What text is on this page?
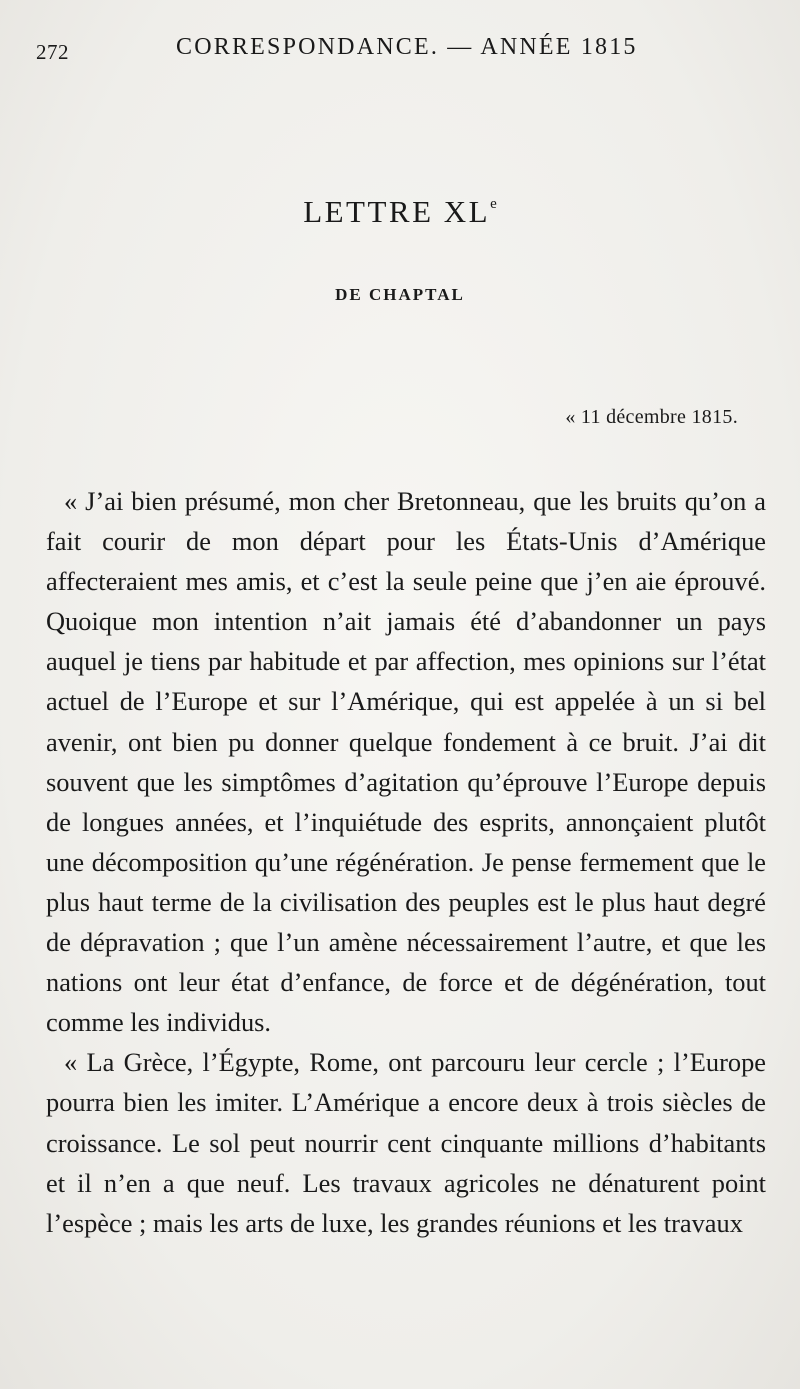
272	CORRESPONDANCE. — ANNÉE 1815
LETTRE XLe
DE CHAPTAL
« 11 décembre 1815.

« J’ai bien présumé, mon cher Bretonneau, que les bruits qu’on a fait courir de mon départ pour les États-Unis d’Amérique affecteraient mes amis, et c’est la seule peine que j’en aie éprouvé. Quoique mon intention n’ait jamais été d’abandonner un pays auquel je tiens par habitude et par affection, mes opinions sur l’état actuel de l’Europe et sur l’Amérique, qui est appelée à un si bel avenir, ont bien pu donner quelque fondement à ce bruit. J’ai dit souvent que les simptômes d’agitation qu’éprouve l’Europe depuis de longues années, et l’inquiétude des esprits, annonçaient plutôt une décomposition qu’une régénération. Je pense fermement que le plus haut terme de la civilisation des peuples est le plus haut degré de dépravation ; que l’un amène nécessairement l’autre, et que les nations ont leur état d’enfance, de force et de dégénération, tout comme les individus.

« La Grèce, l’Égypte, Rome, ont parcouru leur cercle ; l’Europe pourra bien les imiter. L’Amérique a encore deux à trois siècles de croissance. Le sol peut nourrir cent cinquante millions d’habitants et il n’en a que neuf. Les travaux agricoles ne dénaturent point l’espèce ; mais les arts de luxe, les grandes réunions et les travaux
